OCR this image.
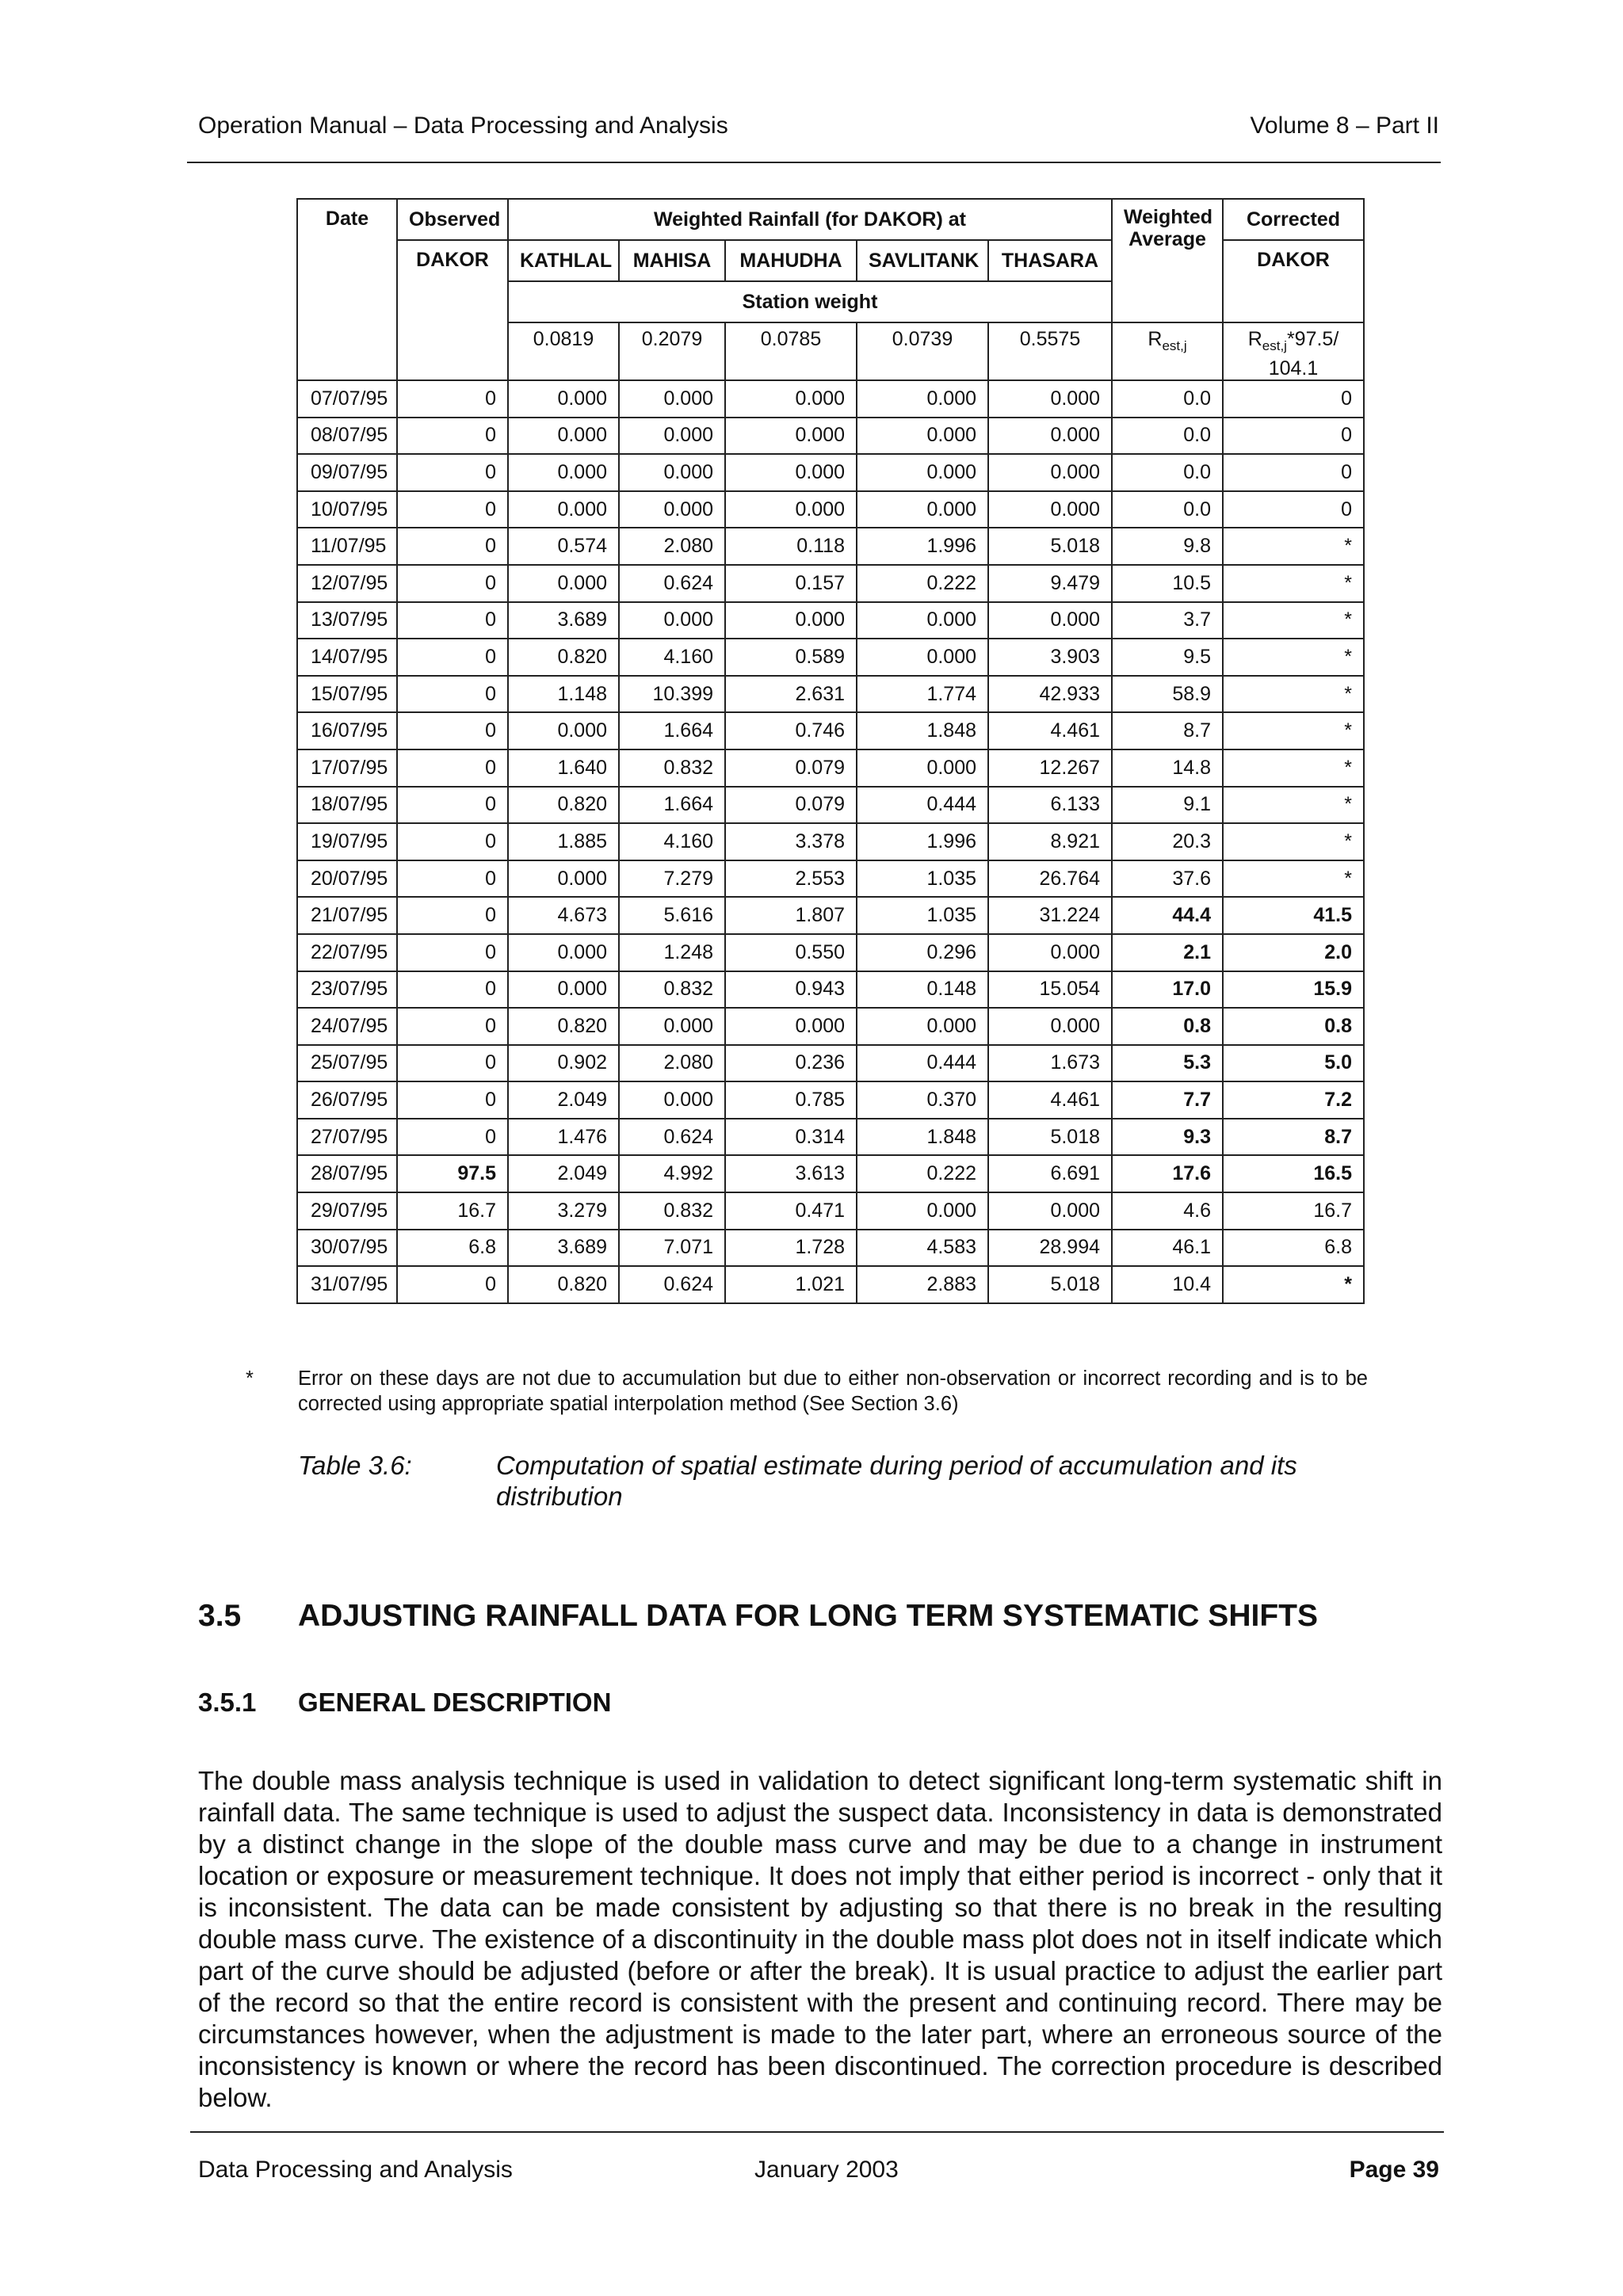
Operation Manual – Data Processing and Analysis	Volume 8 – Part II
Date	Observed	Weighted Rainfall (for DAKOR) at					Weighted Average	Corrected
	DAKOR	KATHLAL	MAHISA	MAHUDHA	SAVLITANK	THASARA		DAKOR
		Station weight						
		0.0819	0.2079	0.0785	0.0739	0.5575	$R_{est,j}$	$R_{est,j}*97.5/$ 104.1
07/07/95	0	0.000	0.000	0.000	0.000	0.000	0.0	0
08/07/95	0	0.000	0.000	0.000	0.000	0.000	0.0	0
09/07/95	0	0.000	0.000	0.000	0.000	0.000	0.0	0
10/07/95	0	0.000	0.000	0.000	0.000	0.000	0.0	0
11/07/95	0	0.574	2.080	0.118	1.996	5.018	9.8	*
12/07/95	0	0.000	0.624	0.157	0.222	9.479	10.5	*
13/07/95	0	3.689	0.000	0.000	0.000	0.000	3.7	*
14/07/95	0	0.820	4.160	0.589	0.000	3.903	9.5	*
15/07/95	0	1.148	10.399	2.631	1.774	42.933	58.9	*
16/07/95	0	0.000	1.664	0.746	1.848	4.461	8.7	*
17/07/95	0	1.640	0.832	0.079	0.000	12.267	14.8	*
18/07/95	0	0.820	1.664	0.079	0.444	6.133	9.1	*
19/07/95	0	1.885	4.160	3.378	1.996	8.921	20.3	*
20/07/95	0	0.000	7.279	2.553	1.035	26.764	37.6	*
21/07/95	0	4.673	5.616	1.807	1.035	31.224	44.4	41.5
22/07/95	0	0.000	1.248	0.550	0.296	0.000	2.1	2.0
23/07/95	0	0.000	0.832	0.943	0.148	15.054	17.0	15.9
24/07/95	0	0.820	0.000	0.000	0.000	0.000	0.8	0.8
25/07/95	0	0.902	2.080	0.236	0.444	1.673	5.3	5.0
26/07/95	0	2.049	0.000	0.785	0.370	4.461	7.7	7.2
27/07/95	0	1.476	0.624	0.314	1.848	5.018	9.3	8.7
28/07/95	97.5	2.049	4.992	3.613	0.222	6.691	17.6	16.5
29/07/95	16.7	3.279	0.832	0.471	0.000	0.000	4.6	16.7
30/07/95	6.8	3.689	7.071	1.728	4.583	28.994	46.1	6.8
31/07/95	0	0.820	0.624	1.021	2.883	5.018	10.4	*
* Error on these days are not due to accumulation but due to either non-observation or incorrect recording and is to be corrected using appropriate spatial interpolation method (See Section 3.6)
Table 3.6:	Computation of spatial estimate during period of accumulation and its distribution
3.5 ADJUSTING RAINFALL DATA FOR LONG TERM SYSTEMATIC SHIFTS
3.5.1 GENERAL DESCRIPTION
The double mass analysis technique is used in validation to detect significant long-term systematic shift in rainfall data. The same technique is used to adjust the suspect data. Inconsistency in data is demonstrated by a distinct change in the slope of the double mass curve and may be due to a change in instrument location or exposure or measurement technique. It does not imply that either period is incorrect - only that it is inconsistent. The data can be made consistent by adjusting so that there is no break in the resulting double mass curve. The existence of a discontinuity in the double mass plot does not in itself indicate which part of the curve should be adjusted (before or after the break). It is usual practice to adjust the earlier part of the record so that the entire record is consistent with the present and continuing record. There may be circumstances however, when the adjustment is made to the later part, where an erroneous source of the inconsistency is known or where the record has been discontinued. The correction procedure is described below.
Data Processing and Analysis	January 2003	Page 39
